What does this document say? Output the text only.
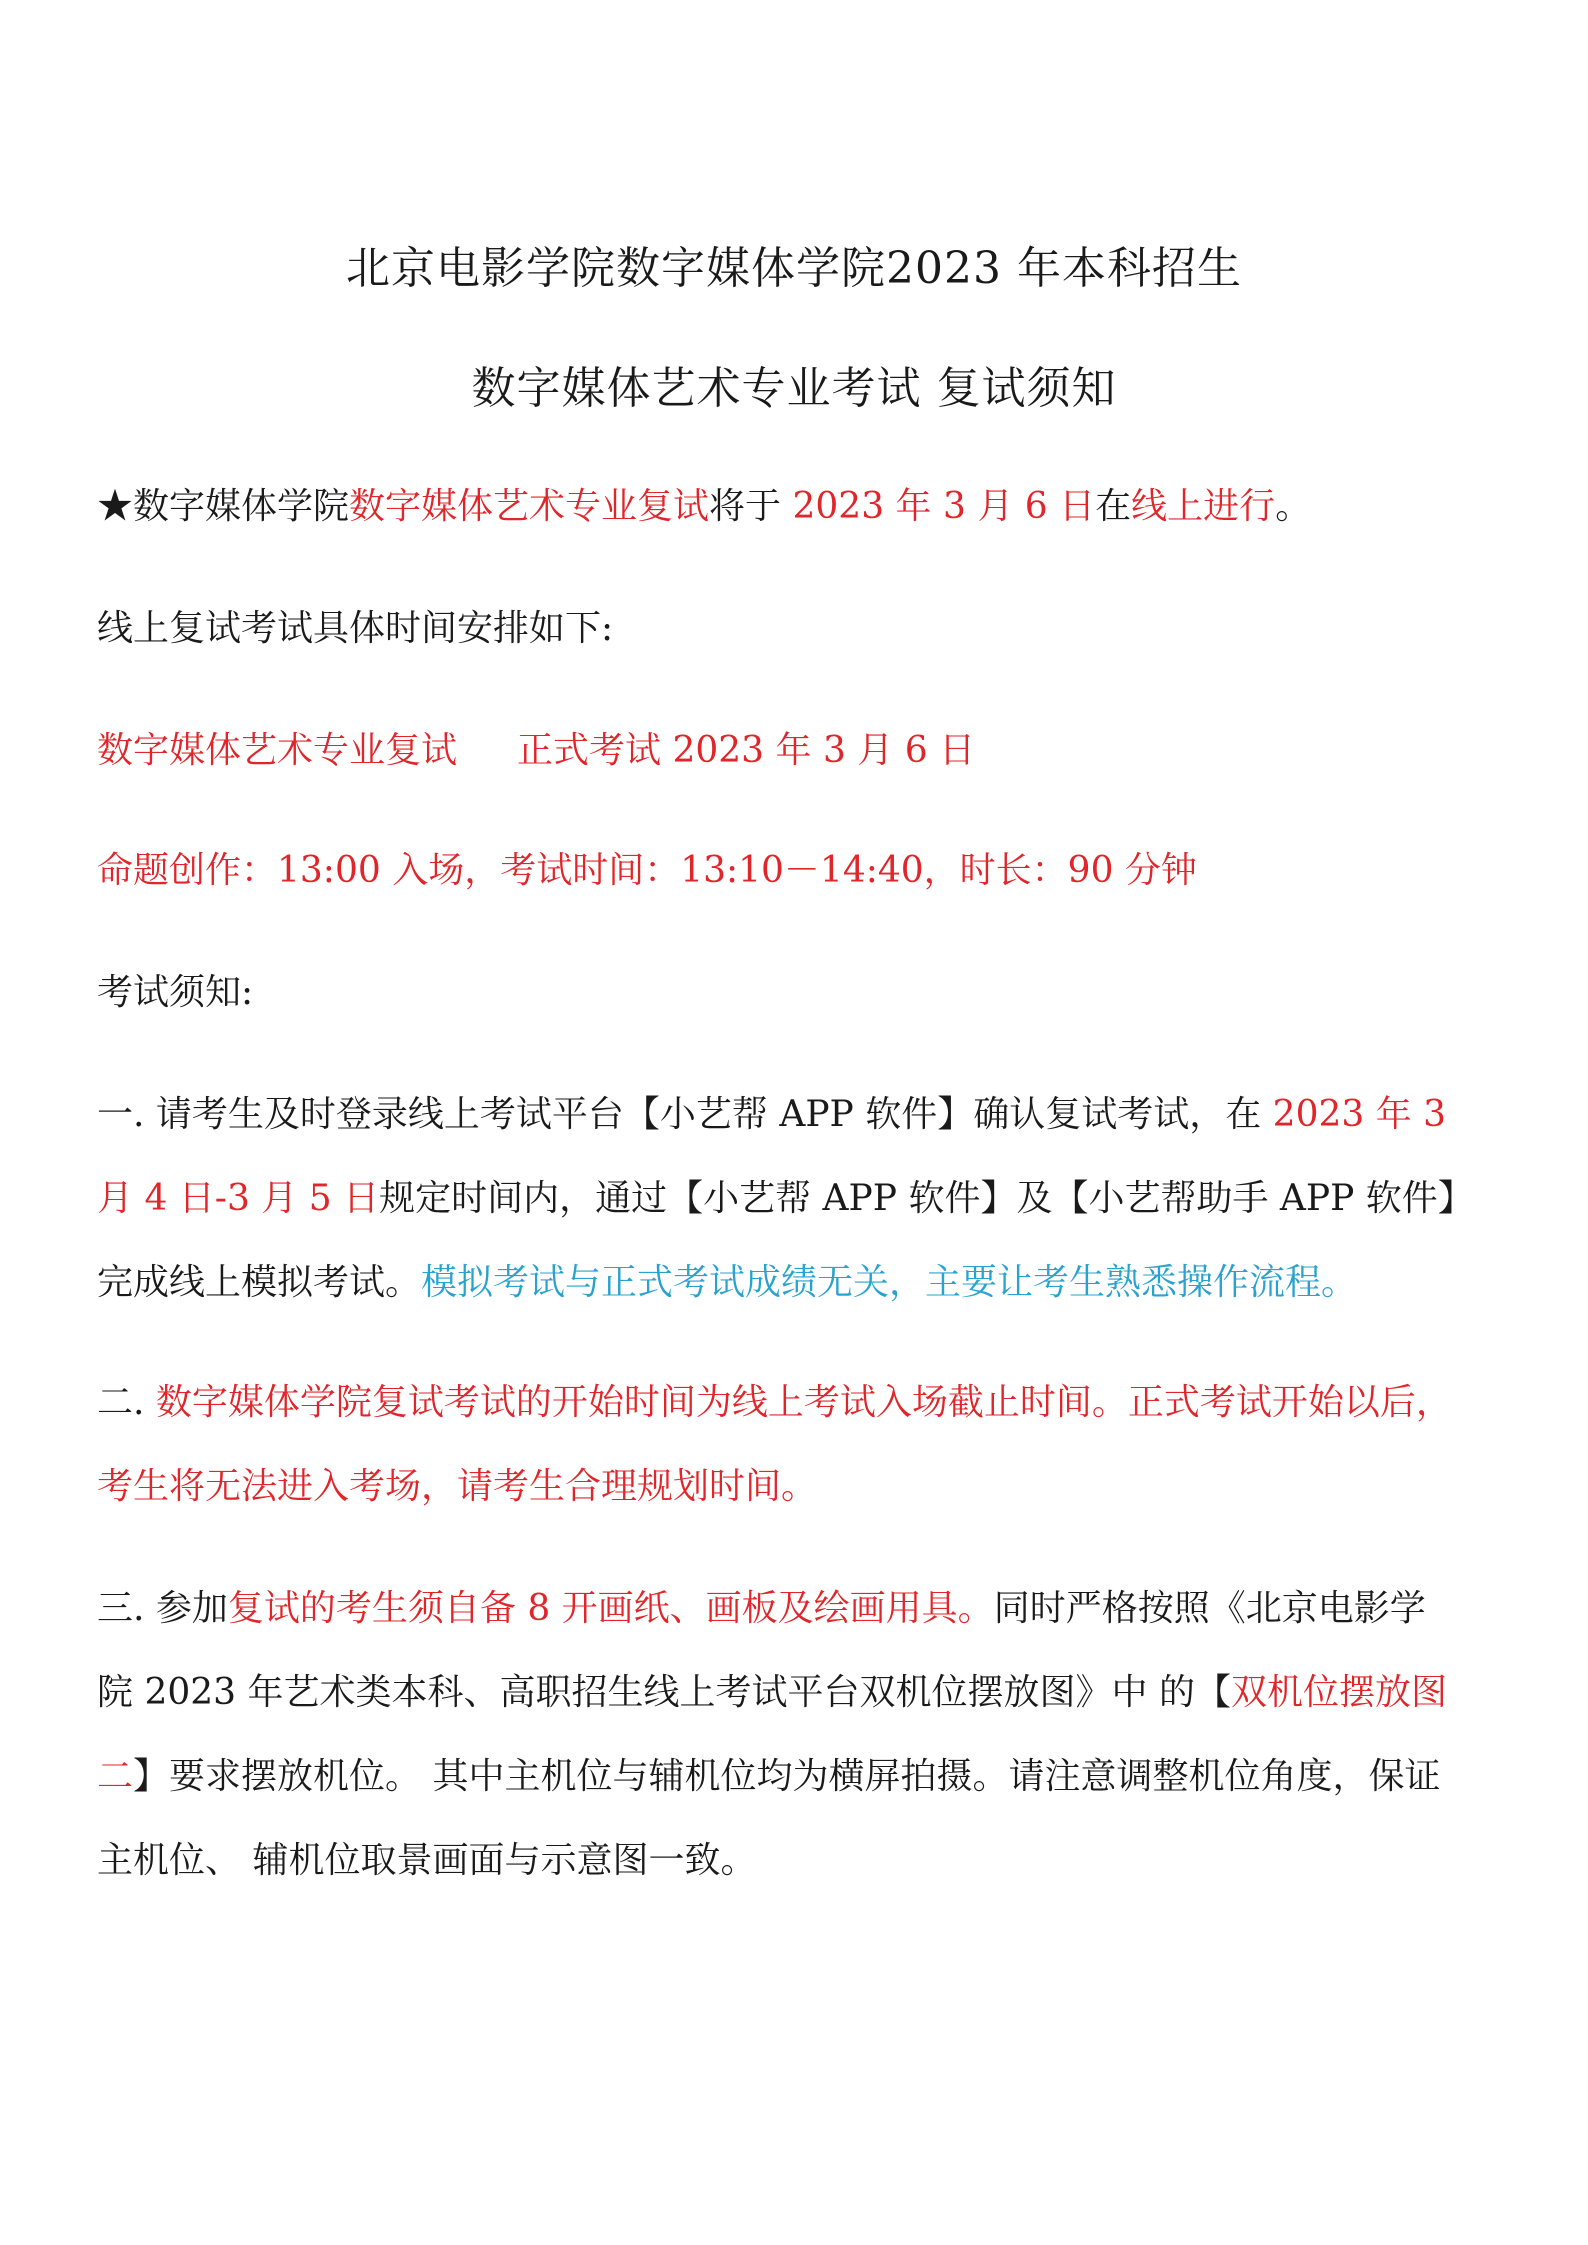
北京电影学院数字媒体学院2023 年本科招生
数字媒体艺术专业考试 复试须知
★数字媒体学院数字媒体艺术专业复试将于 2023 年 3 月 6 日在线上进行。
线上复试考试具体时间安排如下:
数字媒体艺术专业复试 正式考试 2023 年 3 月 6 日
命题创作：13:00 入场，考试时间：13:10－14:40，时长：90 分钟
考试须知:
一. 请考生及时登录线上考试平台【小艺帮 APP 软件】确认复试考试，在 2023 年 3
月 4 日-3 月 5 日规定时间内，通过【小艺帮 APP 软件】及【小艺帮助手 APP 软件】
完成线上模拟考试。模拟考试与正式考试成绩无关，主要让考生熟悉操作流程。
二. 数字媒体学院复试考试的开始时间为线上考试入场截止时间。正式考试开始以后，
考生将无法进入考场，请考生合理规划时间。
三. 参加复试的考生须自备 8 开画纸、画板及绘画用具。同时严格按照《北京电影学
院 2023 年艺术类本科、高职招生线上考试平台双机位摆放图》中 的【双机位摆放图
二】要求摆放机位。 其中主机位与辅机位均为横屏拍摄。请注意调整机位角度，保证
主机位、 辅机位取景画面与示意图一致。
